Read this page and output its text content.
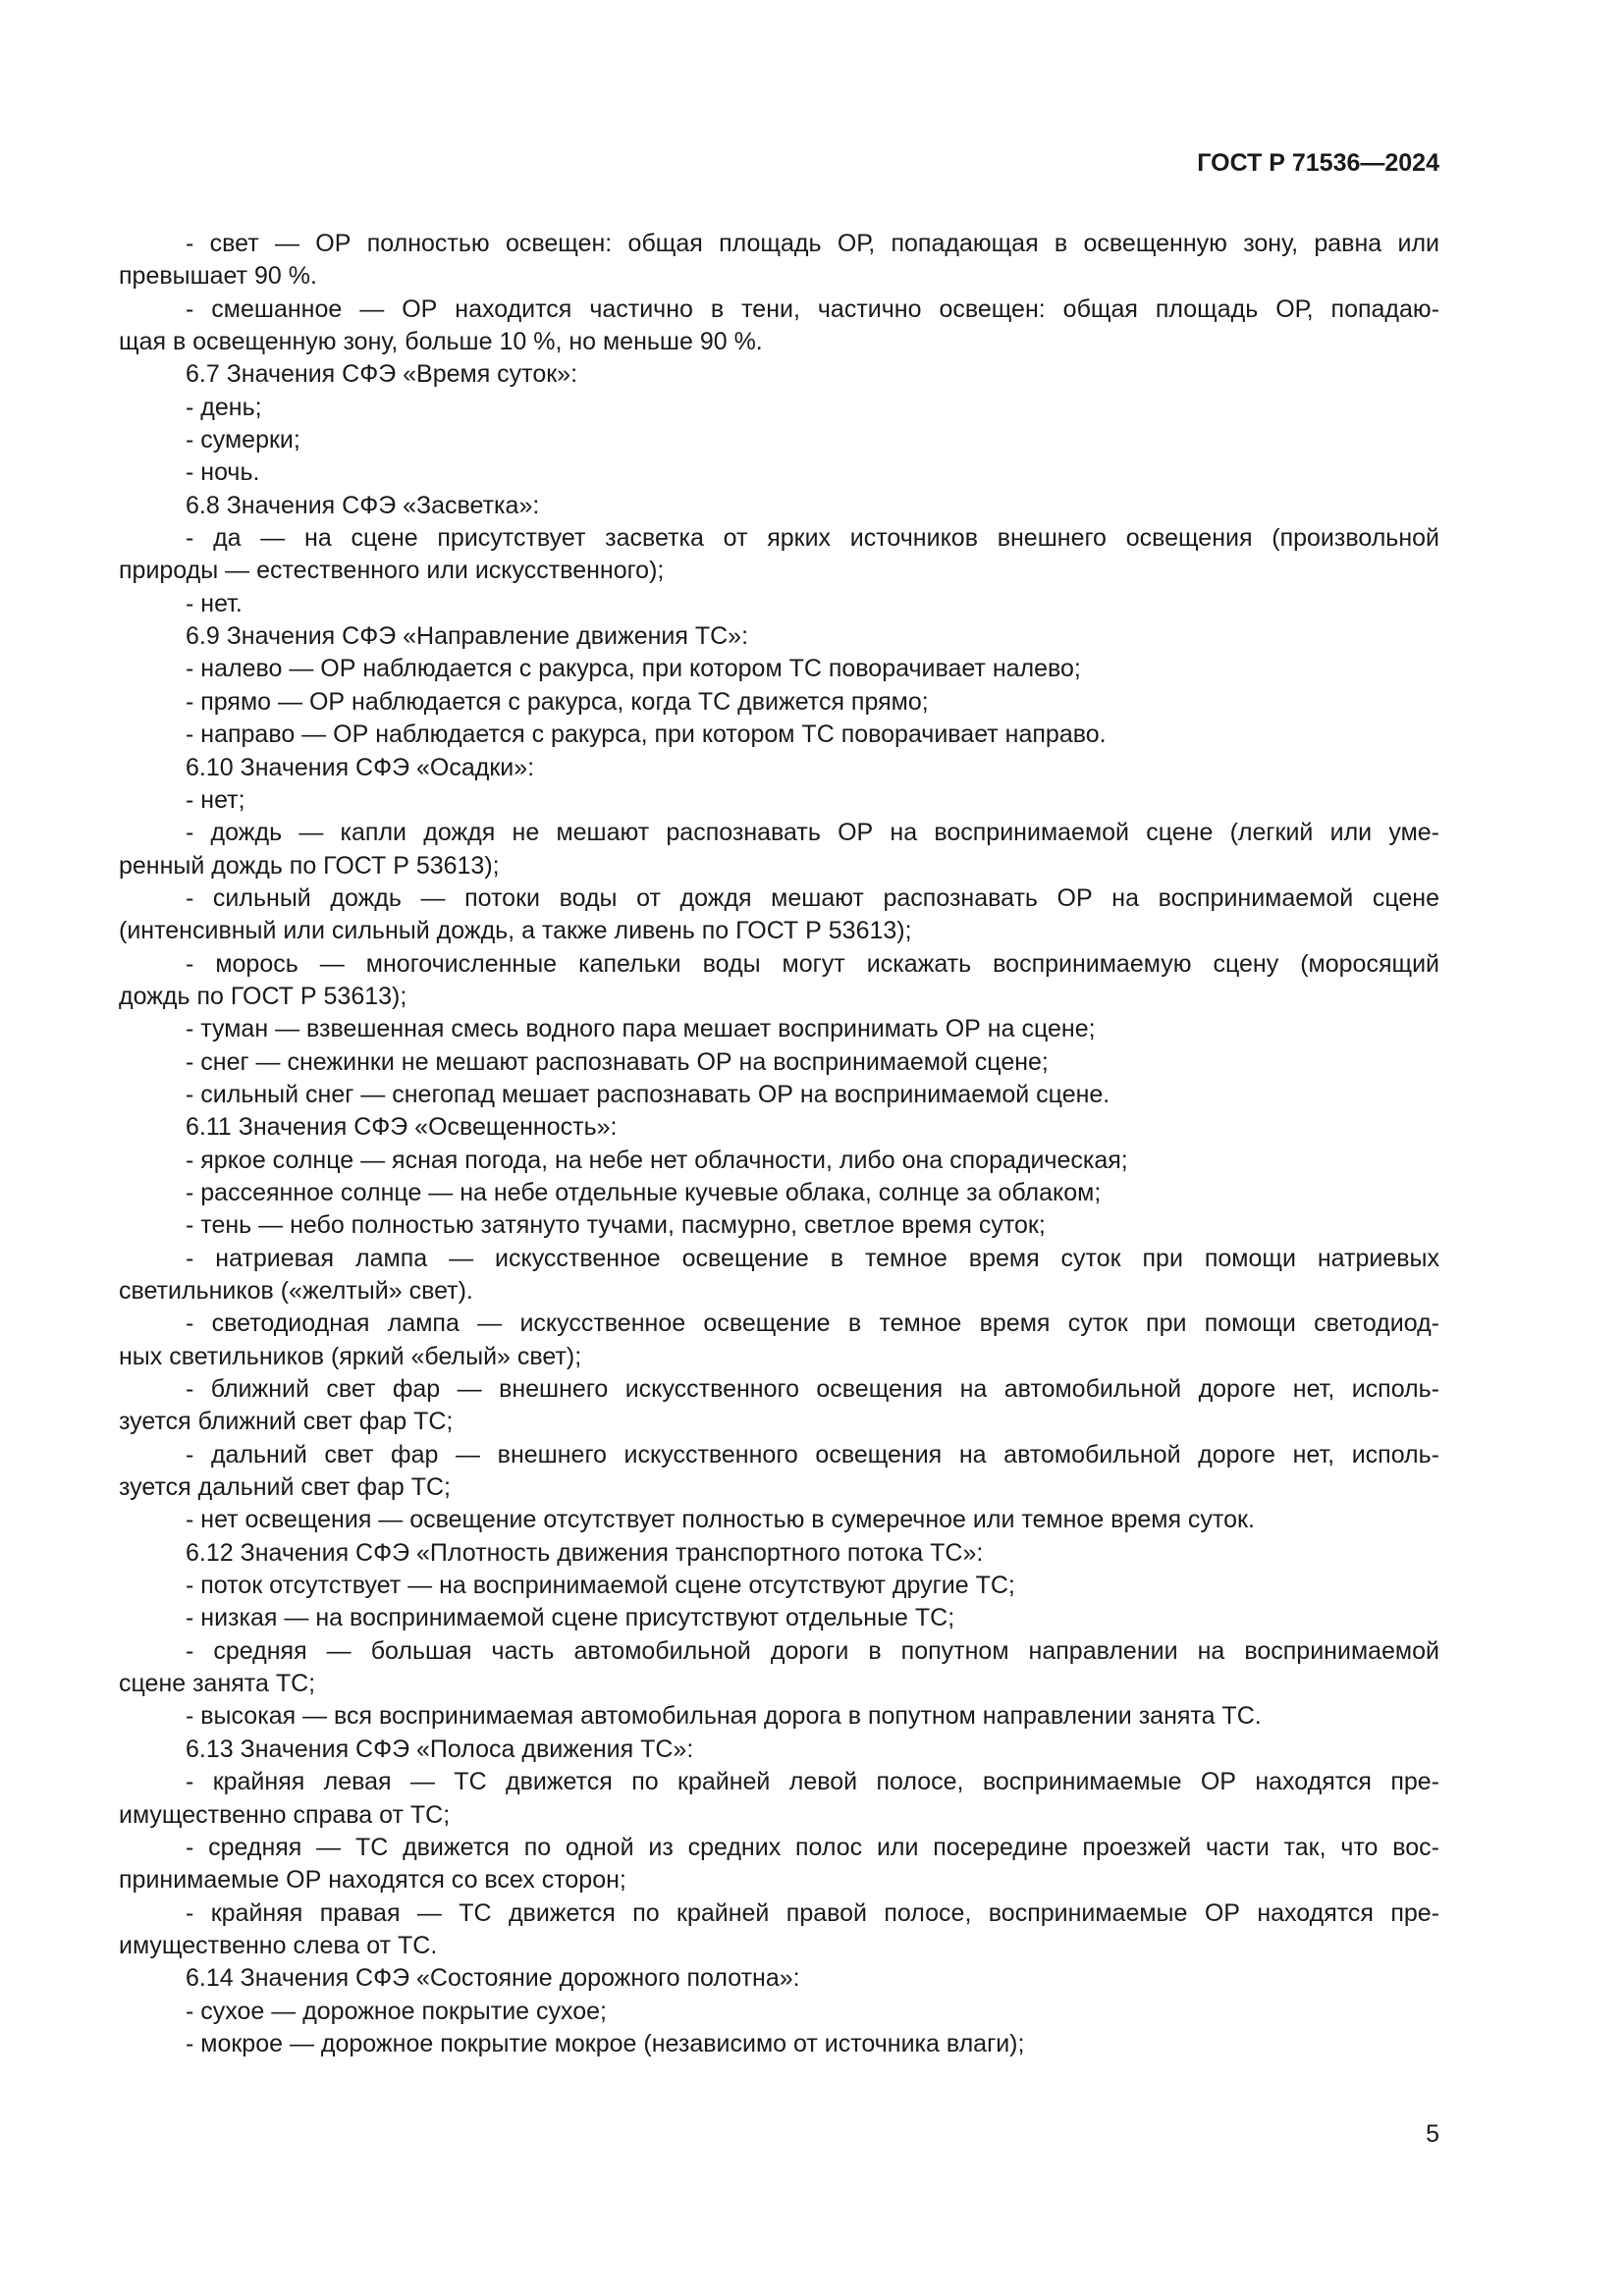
ГОСТ Р 71536—2024

- свет — ОР полностью освещен: общая площадь ОР, попадающая в освещенную зону, равна или

превышает 90 %.

- смешанное — ОР находится частично в тени, частично освещен: общая площадь ОР, попадаю-

щая в освещенную зону, больше 10 %, но меньше 90 %.

6.7 Значения СФЭ «Время суток»:

- день;

- сумерки;

- ночь.

6.8 Значения СФЭ «Засветка»:

- да — на сцене присутствует засветка от ярких источников внешнего освещения (произвольной

природы — естественного или искусственного);

- нет.

6.9 Значения СФЭ «Направление движения ТС»:

- налево — ОР наблюдается с ракурса, при котором ТС поворачивает налево;

- прямо — ОР наблюдается с ракурса, когда ТС движется прямо;

- направо — ОР наблюдается с ракурса, при котором ТС поворачивает направо.

6.10 Значения СФЭ «Осадки»:

- нет;

- дождь — капли дождя не мешают распознавать ОР на воспринимаемой сцене (легкий или уме-

ренный дождь по ГОСТ Р 53613);

- сильный дождь — потоки воды от дождя мешают распознавать ОР на воспринимаемой сцене

(интенсивный или сильный дождь, а также ливень по ГОСТ Р 53613);

- морось — многочисленные капельки воды могут искажать воспринимаемую сцену (моросящий

дождь по ГОСТ Р 53613);

- туман — взвешенная смесь водного пара мешает воспринимать ОР на сцене;

- снег — снежинки не мешают распознавать ОР на воспринимаемой сцене;

- сильный снег — снегопад мешает распознавать ОР на воспринимаемой сцене.

6.11 Значения СФЭ «Освещенность»:

- яркое солнце — ясная погода, на небе нет облачности, либо она спорадическая;

- рассеянное солнце — на небе отдельные кучевые облака, солнце за облаком;

- тень — небо полностью затянуто тучами, пасмурно, светлое время суток;

- натриевая лампа — искусственное освещение в темное время суток при помощи натриевых

светильников («желтый» свет).

- светодиодная лампа — искусственное освещение в темное время суток при помощи светодиод-

ных светильников (яркий «белый» свет);

- ближний свет фар — внешнего искусственного освещения на автомобильной дороге нет, исполь-

зуется ближний свет фар ТС;

- дальний свет фар — внешнего искусственного освещения на автомобильной дороге нет, исполь-

зуется дальний свет фар ТС;

- нет освещения — освещение отсутствует полностью в сумеречное или темное время суток.

6.12 Значения СФЭ «Плотность движения транспортного потока ТС»:

- поток отсутствует — на воспринимаемой сцене отсутствуют другие ТС;

- низкая — на воспринимаемой сцене присутствуют отдельные ТС;

- средняя — большая часть автомобильной дороги в попутном направлении на воспринимаемой

сцене занята ТС;

- высокая — вся воспринимаемая автомобильная дорога в попутном направлении занята ТС.

6.13 Значения СФЭ «Полоса движения ТС»:

- крайняя левая — ТС движется по крайней левой полосе, воспринимаемые ОР находятся пре-

имущественно справа от ТС;

- средняя — ТС движется по одной из средних полос или посередине проезжей части так, что вос-

принимаемые ОР находятся со всех сторон;

- крайняя правая — ТС движется по крайней правой полосе, воспринимаемые ОР находятся пре-

имущественно слева от ТС.

6.14 Значения СФЭ «Состояние дорожного полотна»:

- сухое — дорожное покрытие сухое;

- мокрое — дорожное покрытие мокрое (независимо от источника влаги);

5
